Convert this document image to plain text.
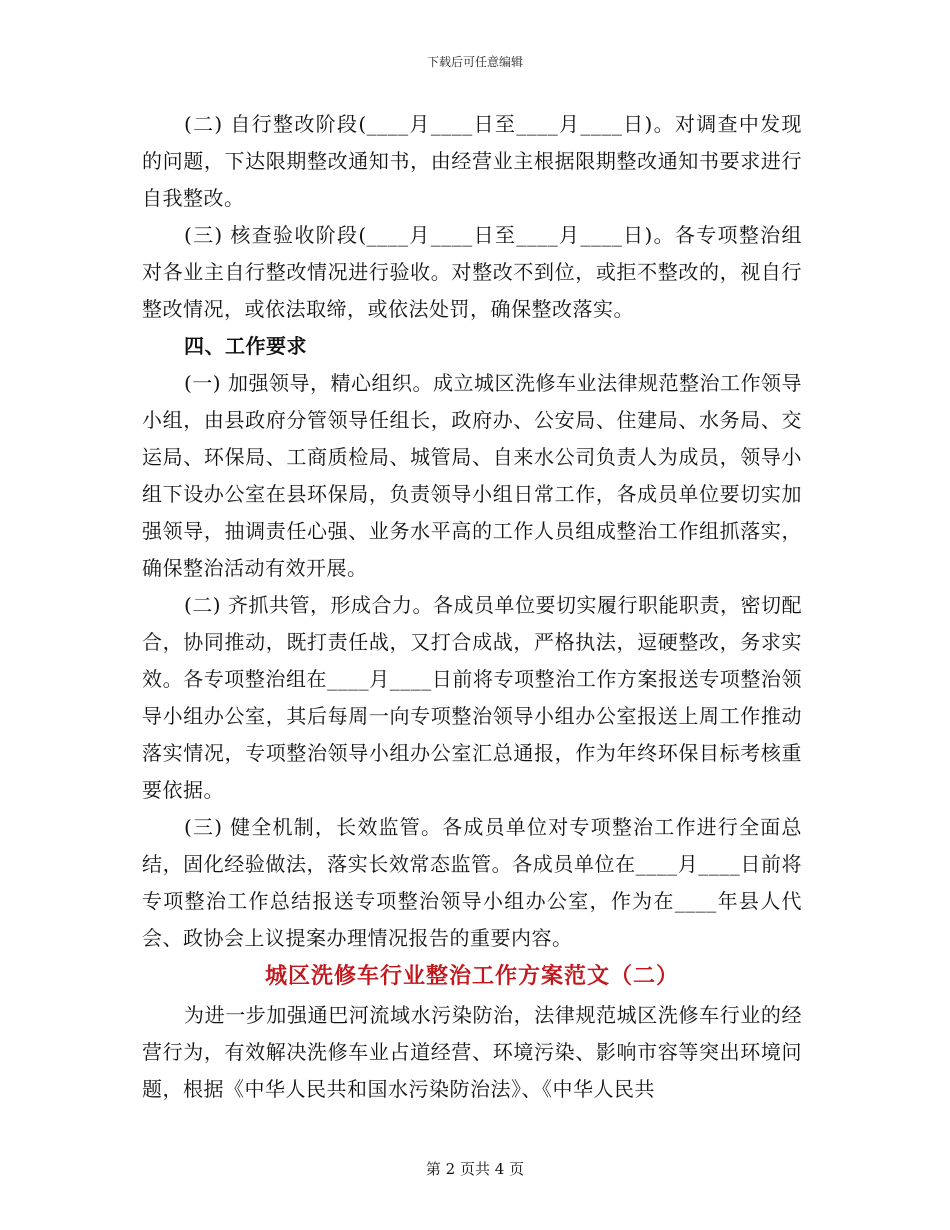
下载后可任意编辑

(二) 自行整改阶段(____月____日至____月____日)。对调查中发现的问题，下达限期整改通知书，由经营业主根据限期整改通知书要求进行自我整改。

(三) 核查验收阶段(____月____日至____月____日)。各专项整治组对各业主自行整改情况进行验收。对整改不到位，或拒不整改的，视自行整改情况，或依法取缔，或依法处罚，确保整改落实。

四、工作要求

(一) 加强领导，精心组织。成立城区洗修车业法律规范整治工作领导小组，由县政府分管领导任组长，政府办、公安局、住建局、水务局、交运局、环保局、工商质检局、城管局、自来水公司负责人为成员，领导小组下设办公室在县环保局，负责领导小组日常工作，各成员单位要切实加强领导，抽调责任心强、业务水平高的工作人员组成整治工作组抓落实，确保整治活动有效开展。

(二) 齐抓共管，形成合力。各成员单位要切实履行职能职责，密切配合，协同推动，既打责任战，又打合成战，严格执法，逗硬整改，务求实效。各专项整治组在____月____日前将专项整治工作方案报送专项整治领导小组办公室，其后每周一向专项整治领导小组办公室报送上周工作推动落实情况，专项整治领导小组办公室汇总通报，作为年终环保目标考核重要依据。

(三) 健全机制，长效监管。各成员单位对专项整治工作进行全面总结，固化经验做法，落实长效常态监管。各成员单位在____月____日前将专项整治工作总结报送专项整治领导小组办公室，作为在____年县人代会、政协会上议提案办理情况报告的重要内容。

城区洗修车行业整治工作方案范文（二）

为进一步加强通巴河流域水污染防治，法律规范城区洗修车行业的经营行为，有效解决洗修车业占道经营、环境污染、影响市容等突出环境问题，根据《中华人民共和国水污染防治法》、《中华人民共

第 2 页共 4 页
